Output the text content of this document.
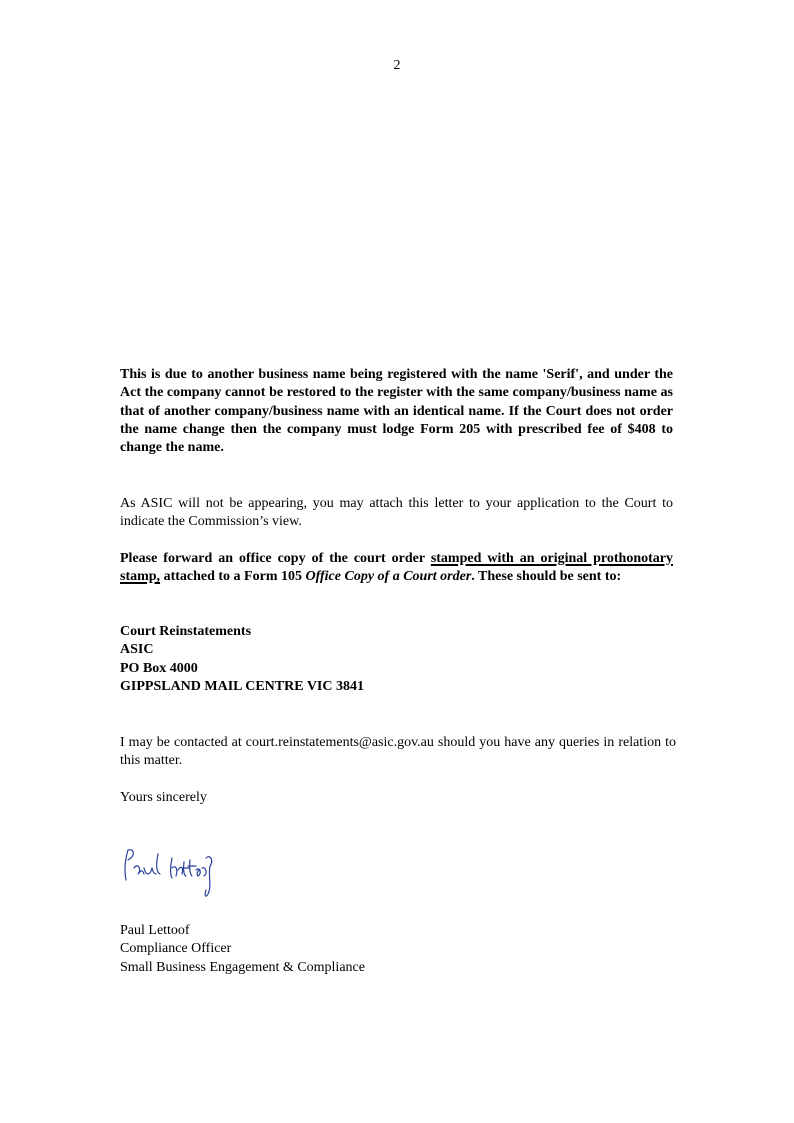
2

This is due to another business name being registered with the name 'Serif', and under the Act the company cannot be restored to the register with the same company/business name as that of another company/business name with an identical name. If the Court does not order the name change then the company must lodge Form 205 with prescribed fee of $408 to change the name.

As ASIC will not be appearing, you may attach this letter to your application to the Court to indicate the Commission’s view.

Please forward an office copy of the court order stamped with an original prothonotary stamp, attached to a Form 105 Office Copy of a Court order. These should be sent to:

Court Reinstatements

ASIC

PO Box 4000

GIPPSLAND MAIL CENTRE VIC 3841

I may be contacted at court.reinstatements@asic.gov.au should you have any queries in relation to this matter.

Yours sincerely

Paul Lettoof

Compliance Officer

Small Business Engagement & Compliance
